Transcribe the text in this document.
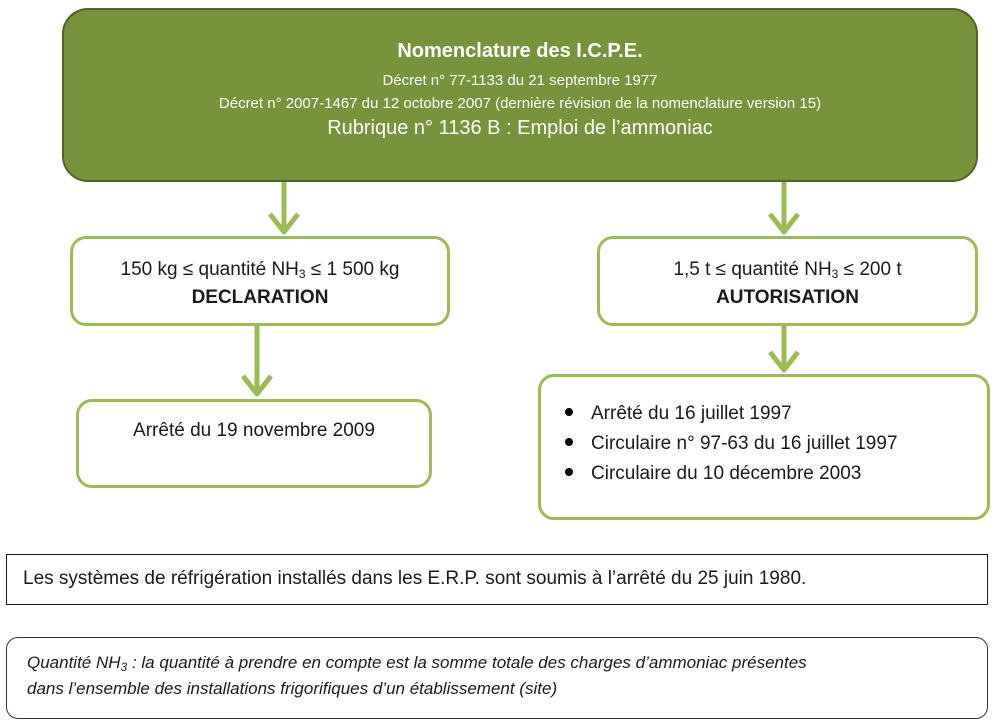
Nomenclature des I.C.P.E.
Décret n° 77-1133 du 21 septembre 1977
Décret n° 2007-1467 du 12 octobre 2007 (dernière révision de la nomenclature version 15)
Rubrique n° 1136 B : Emploi de l’ammoniac
150 kg ≤ quantité $NH_3 \le 1$ 500 kg
DECLARATION
1,5 t ≤ quantité $NH_3 \le 200$ t
AUTORISATION
Arrêté du 19 novembre 2009
Arrêté du 16 juillet 1997
Circulaire n° 97-63 du 16 juillet 1997
Circulaire du 10 décembre 2003
Les systèmes de réfrigération installés dans les E.R.P. sont soumis à l’arrêté du 25 juin 1980.
Quantité $NH_3$ : la quantité à prendre en compte est la somme totale des charges d’ammoniac présentes
dans l’ensemble des installations frigorifiques d’un établissement (site)
